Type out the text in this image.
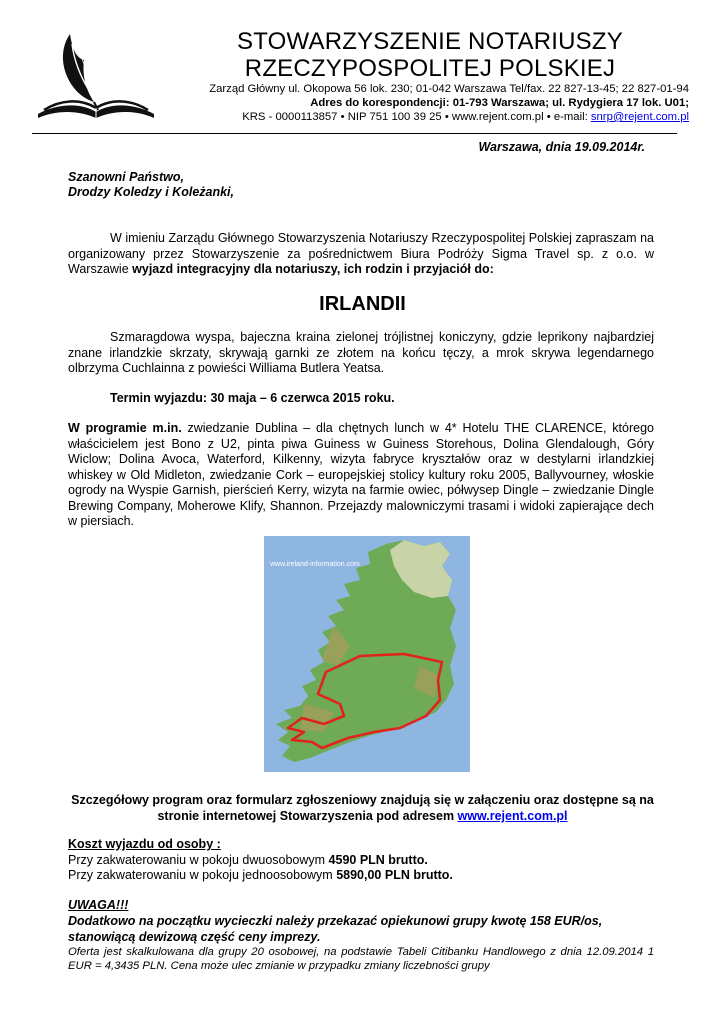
STOWARZYSZENIE NOTARIUSZY
RZECZYPOSPOLITEJ POLSKIEJ
Zarząd Główny ul. Okopowa 56 lok. 230; 01-042 Warszawa Tel/fax. 22 827-13-45; 22 827-01-94
Adres do korespondencji: 01-793 Warszawa; ul. Rydygiera 17 lok. U01;
KRS - 0000113857 • NIP 751 100 39 25 • www.rejent.com.pl • e-mail: snrp@rejent.com.pl
Warszawa, dnia 19.09.2014r.
Szanowni Państwo,
Drodzy Koledzy i Koleżanki,
W imieniu Zarządu Głównego Stowarzyszenia Notariuszy Rzeczypospolitej Polskiej zapraszam na organizowany przez Stowarzyszenie za pośrednictwem Biura Podróży Sigma Travel sp. z o.o. w Warszawie wyjazd integracyjny dla notariuszy, ich rodzin i przyjaciół do:
IRLANDII
Szmaragdowa wyspa, bajeczna kraina zielonej trójlistnej koniczyny, gdzie leprikony najbardziej znane irlandzkie skrzaty, skrywają garnki ze złotem na końcu tęczy, a mrok skrywa legendarnego olbrzyma Cuchlainna z powieści Williama Butlera Yeatsa.
Termin wyjazdu: 30 maja – 6 czerwca 2015 roku.
W programie m.in. zwiedzanie Dublina – dla chętnych lunch w 4* Hotelu THE CLARENCE, którego właścicielem jest Bono z U2, pinta piwa Guiness w Guiness Storehous, Dolina Glendalough, Góry Wiclow; Dolina Avoca, Waterford, Kilkenny, wizyta fabryce kryształów oraz w destylarni irlandzkiej whiskey w Old Midleton, zwiedzanie Cork – europejskiej stolicy kultury roku 2005, Ballyvourney, włoskie ogrody na Wyspie Garnish, pierścień Kerry, wizyta na farmie owiec, półwysep Dingle – zwiedzanie Dingle Brewing Company, Moherowe Klify, Shannon. Przejazdy malowniczymi trasami i widoki zapierające dech w piersiach.
www.ireland-information.com
Szczegółowy program oraz formularz zgłoszeniowy znajdują się w załączeniu oraz dostępne są na stronie internetowej Stowarzyszenia pod adresem www.rejent.com.pl
Koszt wyjazdu od osoby :
Przy zakwaterowaniu w pokoju dwuosobowym 4590 PLN brutto.
Przy zakwaterowaniu w pokoju jednoosobowym 5890,00 PLN brutto.
UWAGA!!!
Dodatkowo na początku wycieczki należy przekazać opiekunowi grupy kwotę 158 EUR/os, stanowiącą dewizową część ceny imprezy.
Oferta jest skalkulowana dla grupy 20 osobowej, na podstawie Tabeli Citibanku Handlowego z dnia 12.09.2014 1 EUR = 4,3435 PLN. Cena może ulec zmianie w przypadku zmiany liczebności grupy
